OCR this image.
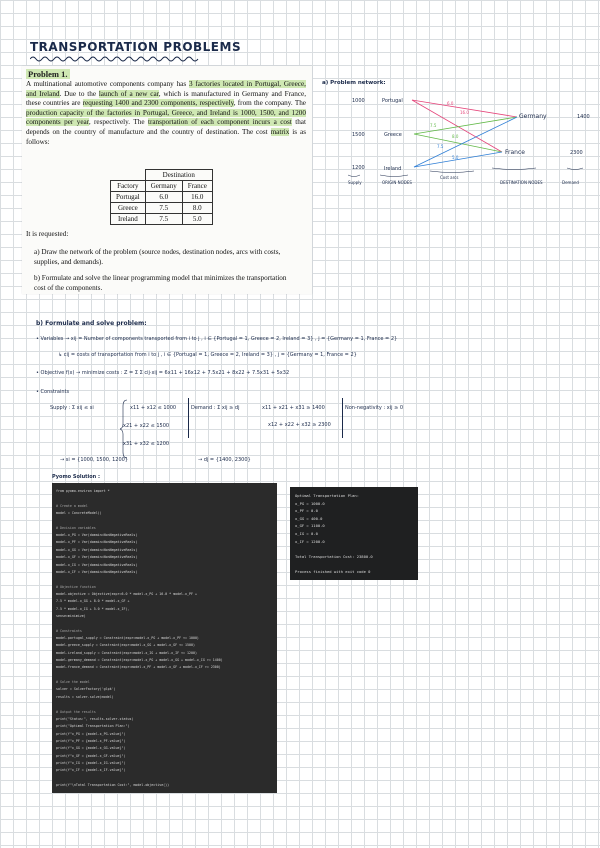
TRANSPORTATION PROBLEMS
Problem 1.
A multinational automotive components company has 3 factories located in Portugal, Greece, and Ireland. Due to the launch of a new car, which is manufactured in Germany and France, these countries are requesting 1400 and 2300 components, respectively, from the company. The production capacity of the factories in Portugal, Greece, and Ireland is 1000, 1500, and 1200 components per year, respectively. The transportation of each component incurs a cost that depends on the country of manufacture and the country of destination. The cost matrix is as follows:
	Destination	
Factory	Germany	France
Portugal	6.0	16.0
Greece	7.5	8.0
Ireland	7.5	5.0
It is requested:
a) Draw the network of the problem (source nodes, destination nodes, arcs with costs, supplies, and demands).
b) Formulate and solve the linear programming model that minimizes the transportation cost of the components.
a) Problem network:
1000
1500
1200
Portugal
Greece
Ireland
6.0
16.0
7.5
8.0
7.5
5.0
Germany
France
1400
2300
Supply	ORIGIN NODES
Cost arcs
DESTINATION NODES	Demand
b) Formulate and solve problem:
• Variables → xij = Number of components transported from i to j , i ∈ {Portugal = 1, Greece = 2, Ireland = 3} , j = {Germany = 1, France = 2}
↳ cij = costs of transportation from i to j , i ∈ {Portugal = 1, Greece = 2, Ireland = 3} , j = {Germany = 1, France = 2}
• Objective f(x) → minimize costs : Z = Σ Σ cij·xij = 6x11 + 16x12 + 7.5x21 + 8x22 + 7.5x31 + 5x32
• Constraints
Supply : Σ xij ≤ si	x11 + x12 ≤ 1000
x21 + x22 ≤ 1500
x31 + x32 ≤ 1200
→ si = {1000, 1500, 1200}
Demand : Σ xij ≥ dj	x11 + x21 + x31 ≥ 1400
x12 + x22 + x32 ≥ 2300
→ dj = {1400, 2300}
Non-negativity : xij ≥ 0
Pyomo Solution :
from pyomo.environ import *
# Create a model
model = ConcreteModel()
# Decision variables
model.x_PG = Var(domain=NonNegativeReals)
model.x_PF = Var(domain=NonNegativeReals)
model.x_GG = Var(domain=NonNegativeReals)
model.x_GF = Var(domain=NonNegativeReals)
model.x_IG = Var(domain=NonNegativeReals)
model.x_IF = Var(domain=NonNegativeReals)
# Objective function
model.objective = Objective(expr=6.0 * model.x_PG + 16.0 * model.x_PF +
7.5 * model.x_GG + 8.0 * model.x_GF +
7.5 * model.x_IG + 5.0 * model.x_IF),
sense=minimize)
# Constraints
model.portugal_supply = Constraint(expr=model.x_PG + model.x_PF <= 1000)
model.greece_supply = Constraint(expr=model.x_GG + model.x_GF <= 1500)
model.ireland_supply = Constraint(expr=model.x_IG + model.x_IF <= 1200)
model.germany_demand = Constraint(expr=model.x_PG + model.x_GG + model.x_IG >= 1400)
model.france_demand = Constraint(expr=model.x_PF + model.x_GF + model.x_IF >= 2300)
# Solve the model
solver = SolverFactory('glpk')
results = solver.solve(model)
# Output the results
print("Status:", results.solver.status)
print("Optimal Transportation Plan:")
print(f"x_PG = {model.x_PG.value}")
print(f"x_PF = {model.x_PF.value}")
print(f"x_GG = {model.x_GG.value}")
print(f"x_GF = {model.x_GF.value}")
print(f"x_IG = {model.x_IG.value}")
print(f"x_IF = {model.x_IF.value}")
print(f"\nTotal Transportation Cost:", model.objective())
Optimal Transportation Plan:
x_PG = 1000.0
x_PF = 0.0
x_GG = 400.0
x_GF = 1100.0
x_IG = 0.0
x_IF = 1200.0
Total Transportation Cost: 23800.0
Process finished with exit code 0
